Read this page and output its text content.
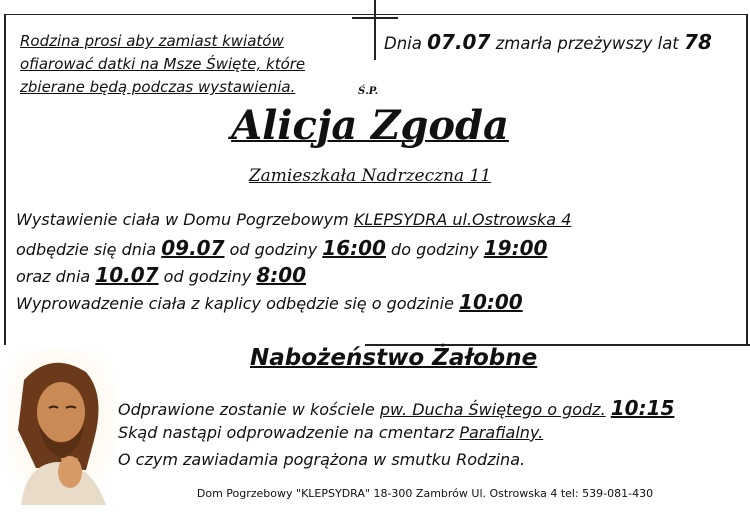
Rodzina prosi aby zamiast kwiatów
ofiarować datki na Msze Święte, które
zbierane będą podczas wystawienia.
Dnia 07.07 zmarła przeżywszy lat 78
Ś.P.
Alicja Zgoda
Zamieszkała Nadrzeczna 11
Wystawienie ciała w Domu Pogrzebowym KLEPSYDRA ul.Ostrowska 4
odbędzie się dnia 09.07 od godziny 16:00 do godziny 19:00
oraz dnia 10.07 od godziny 8:00
Wyprowadzenie ciała z kaplicy odbędzie się o godzinie 10:00
Nabożeństwo Żałobne
Odprawione zostanie w kościele pw. Ducha Świętego o godz. 10:15
Skąd nastąpi odprowadzenie na cmentarz Parafialny.
O czym zawiadamia pogrążona w smutku Rodzina.
Dom Pogrzebowy "KLEPSYDRA" 18-300 Zambrów Ul. Ostrowska 4 tel: 539-081-430
